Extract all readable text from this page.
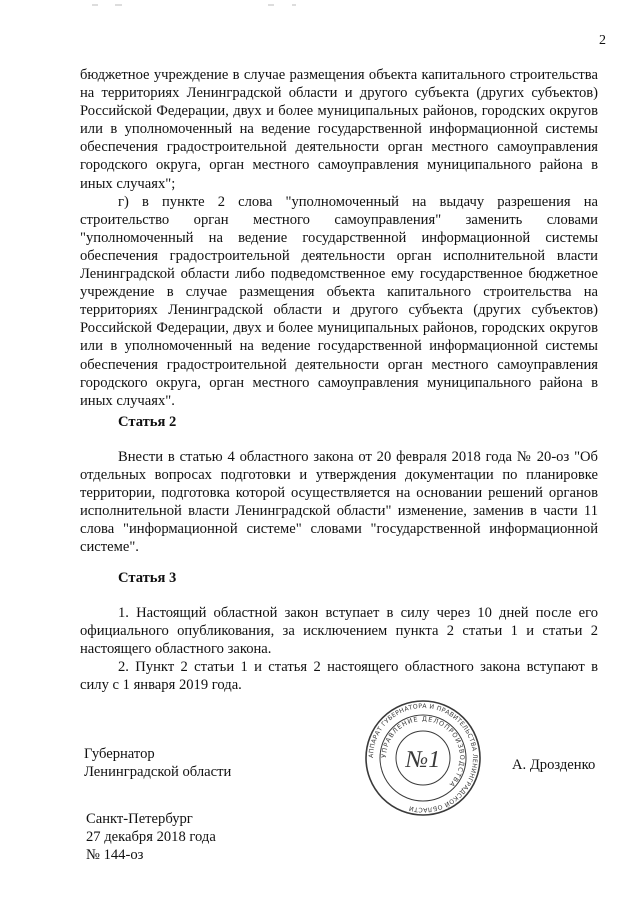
2

бюджетное учреждение в случае размещения объекта капитального строительства на территориях Ленинградской области и другого субъекта (других субъектов) Российской Федерации, двух и более муниципальных районов, городских округов или в уполномоченный на ведение государственной информационной системы обеспечения градостроительной деятельности орган местного самоуправления городского округа, орган местного самоуправления муниципального района в иных случаях";

г) в пункте 2 слова "уполномоченный на выдачу разрешения на строительство орган местного самоуправления" заменить словами "уполномоченный на ведение государственной информационной системы обеспечения градостроительной деятельности орган исполнительной власти Ленинградской области либо подведомственное ему государственное бюджетное учреждение в случае размещения объекта капитального строительства на территориях Ленинградской области и другого субъекта (других субъектов) Российской Федерации, двух и более муниципальных районов, городских округов или в уполномоченный на ведение государственной информационной системы обеспечения градостроительной деятельности орган местного самоуправления городского округа, орган местного самоуправления муниципального района в иных случаях".

Статья 2

Внести в статью 4 областного закона от 20 февраля 2018 года № 20-оз "Об отдельных вопросах подготовки и утверждения документации по планировке территории, подготовка которой осуществляется на основании решений органов исполнительной власти Ленинградской области" изменение, заменив в части 11 слова "информационной системе" словами "государственной информационной системе".

Статья 3

1. Настоящий областной закон вступает в силу через 10 дней после его официального опубликования, за исключением пункта 2 статьи 1 и статьи 2 настоящего областного закона.

2. Пункт 2 статьи 1 и статья 2 настоящего областного закона вступают в силу с 1 января 2019 года.

Губернатор
Ленинградской области
АППАРАТ ГУБЕРНАТОРА И ПРАВИТЕЛЬСТВА ЛЕНИНГРАДСКОЙ ОБЛАСТИ
УПРАВЛЕНИЕ ДЕЛОПРОИЗВОДСТВА
№1	А. Дрозденко
Санкт-Петербург
27 декабря 2018 года
№ 144-оз
